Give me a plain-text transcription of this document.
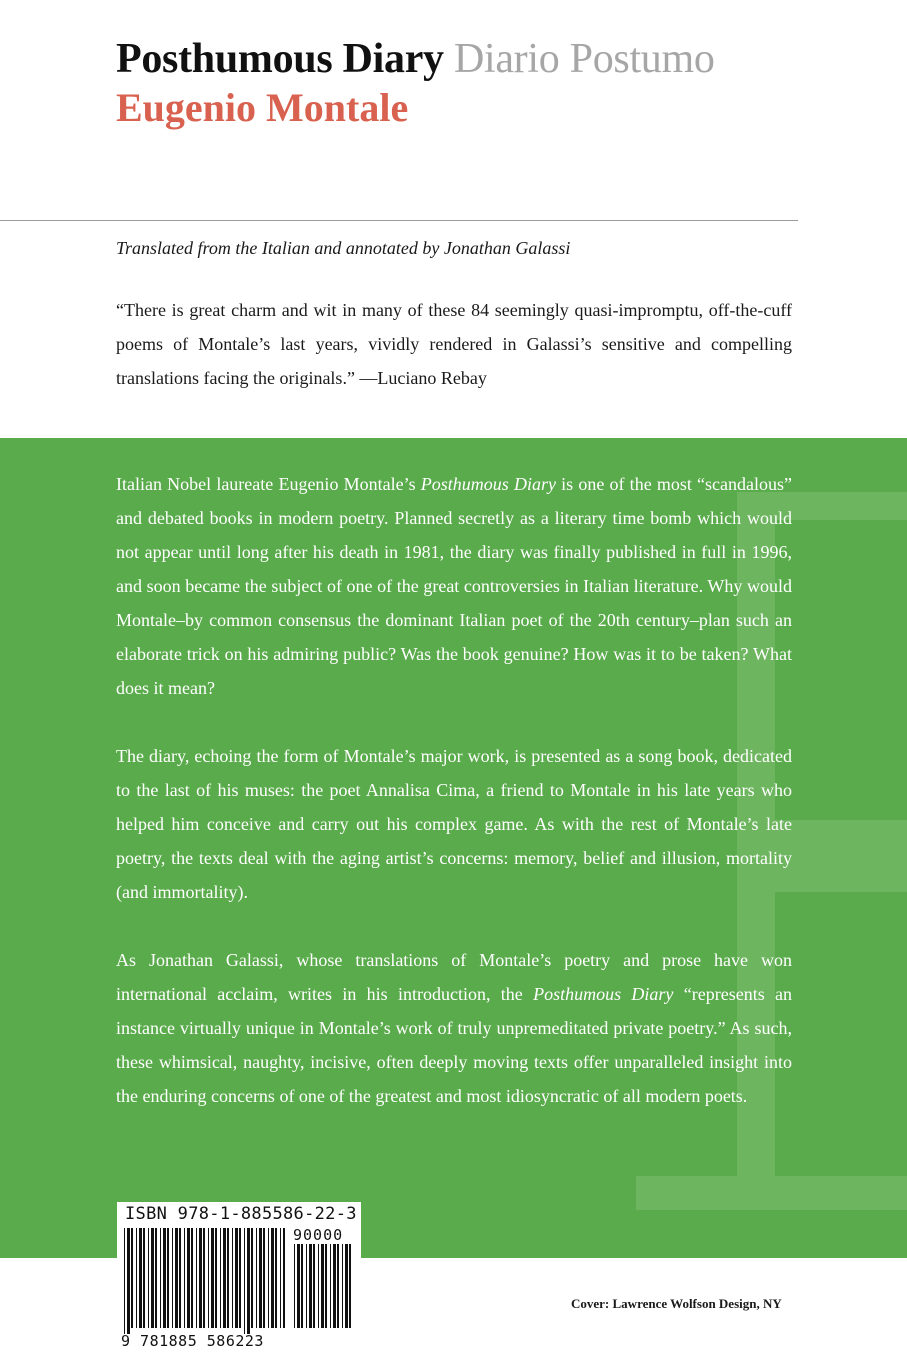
Posthumous Diary Diario Postumo
Eugenio Montale
Translated from the Italian and annotated by Jonathan Galassi
“There is great charm and wit in many of these 84 seemingly quasi-impromptu, off-the-cuff poems of Montale’s last years, vividly rendered in Galassi’s sensitive and compelling translations facing the originals.” —Luciano Rebay

Italian Nobel laureate Eugenio Montale’s Posthumous Diary is one of the most “scandalous” and debated books in modern poetry. Planned secretly as a literary time bomb which would not appear until long after his death in 1981, the diary was finally published in full in 1996, and soon became the subject of one of the great controversies in Italian literature. Why would Montale–by common consensus the dominant Italian poet of the 20th century–plan such an elaborate trick on his admiring public? Was the book genuine? How was it to be taken? What does it mean?

The diary, echoing the form of Montale’s major work, is presented as a song book, dedicated to the last of his muses: the poet Annalisa Cima, a friend to Montale in his late years who helped him conceive and carry out his complex game. As with the rest of Montale’s late poetry, the texts deal with the aging artist’s concerns: memory, belief and illusion, mortality (and immortality).

As Jonathan Galassi, whose translations of Montale’s poetry and prose have won international acclaim, writes in his introduction, the Posthumous Diary “represents an instance virtually unique in Montale’s work of truly unpremeditated private poetry.” As such, these whimsical, naughty, incisive, often deeply moving texts offer unparalleled insight into the enduring concerns of one of the greatest and most idiosyncratic of all modern poets.

ISBN 978-1-885586-22-3
90000
9 781885 586223
Cover: Lawrence Wolfson Design, NY
